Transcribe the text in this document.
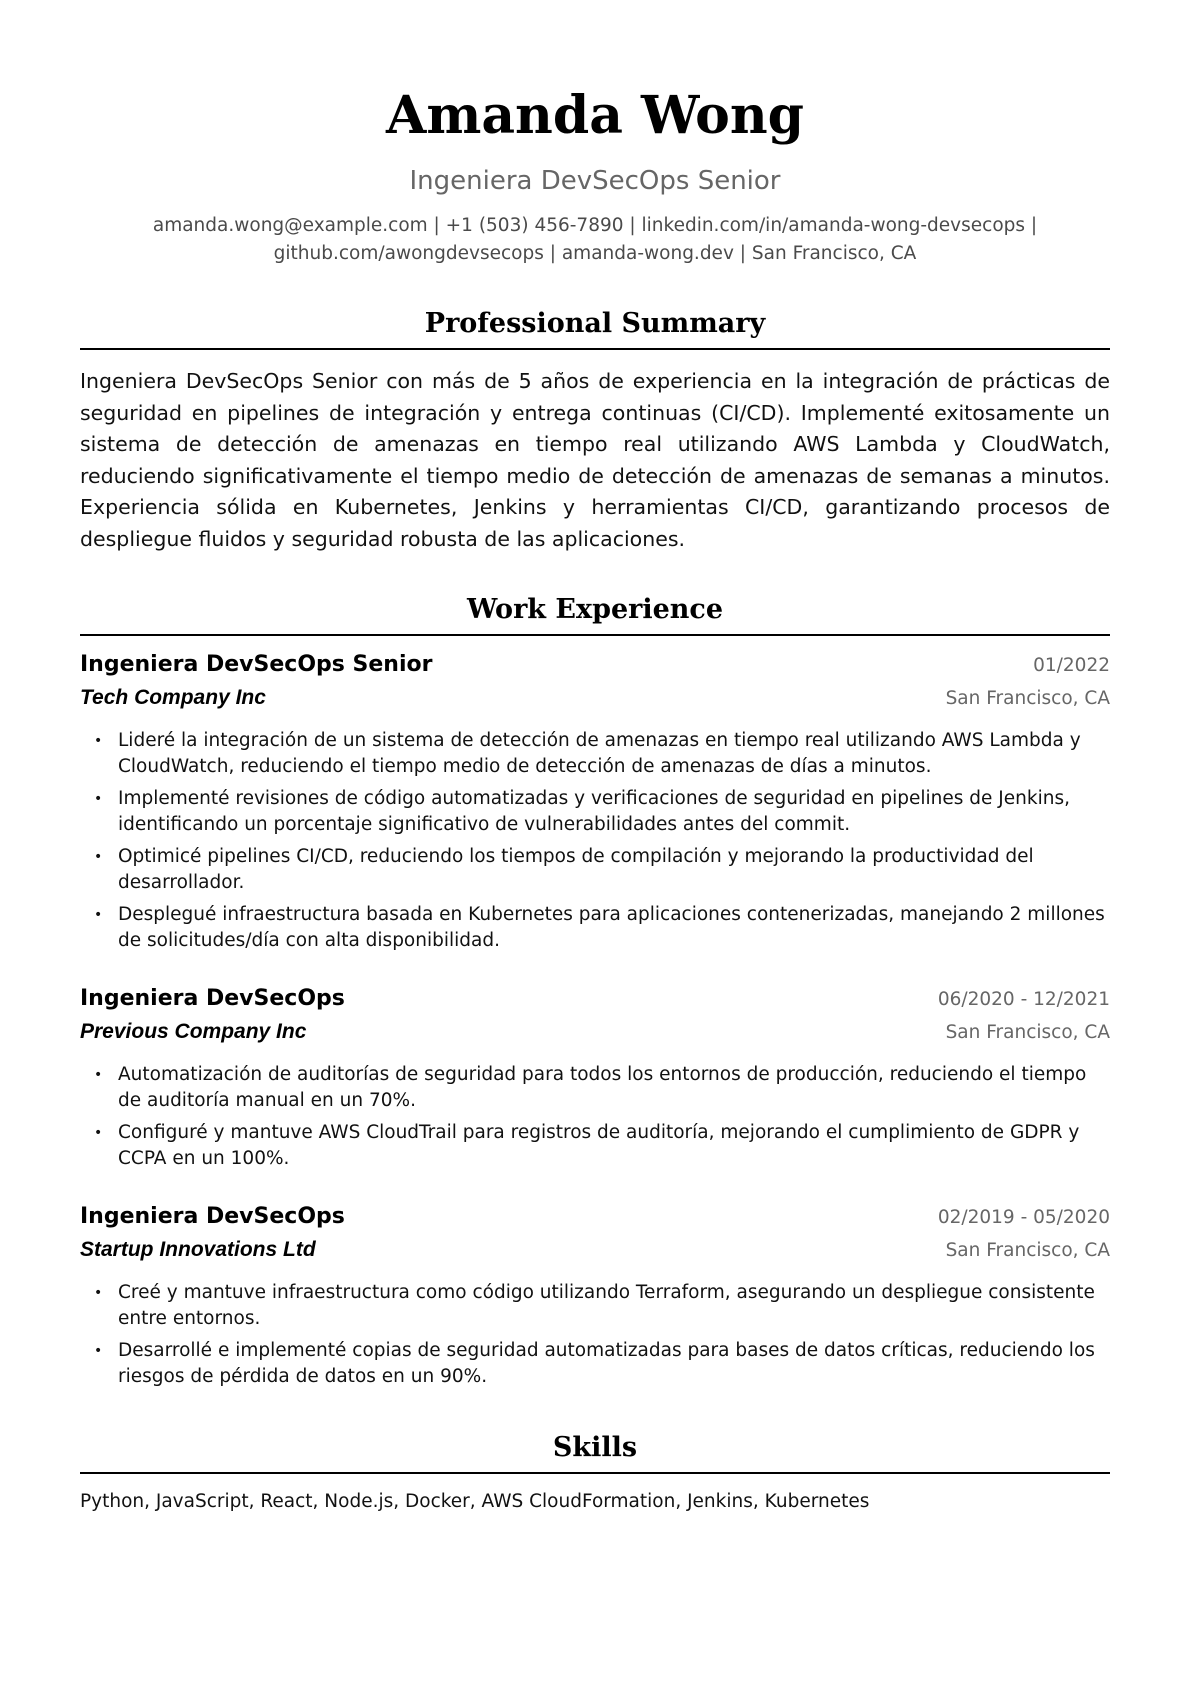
Amanda Wong
Ingeniera DevSecOps Senior
amanda.wong@example.com | +1 (503) 456-7890 | linkedin.com/in/amanda-wong-devsecops |
github.com/awongdevsecops | amanda-wong.dev | San Francisco, CA
Professional Summary
Ingeniera DevSecOps Senior con más de 5 años de experiencia en la integración de prácticas de seguridad en pipelines de integración y entrega continuas (CI/CD). Implementé exitosamente un sistema de detección de amenazas en tiempo real utilizando AWS Lambda y CloudWatch, reduciendo significativamente el tiempo medio de detección de amenazas de semanas a minutos. Experiencia sólida en Kubernetes, Jenkins y herramientas CI/CD, garantizando procesos de despliegue fluidos y seguridad robusta de las aplicaciones.
Work Experience
Ingeniera DevSecOps Senior	01/2022
Tech Company Inc	San Francisco, CA
• Lideré la integración de un sistema de detección de amenazas en tiempo real utilizando AWS Lambda y CloudWatch, reduciendo el tiempo medio de detección de amenazas de días a minutos.
• Implementé revisiones de código automatizadas y verificaciones de seguridad en pipelines de Jenkins, identificando un porcentaje significativo de vulnerabilidades antes del commit.
• Optimicé pipelines CI/CD, reduciendo los tiempos de compilación y mejorando la productividad del desarrollador.
• Desplegué infraestructura basada en Kubernetes para aplicaciones contenerizadas, manejando 2 millones de solicitudes/día con alta disponibilidad.
Ingeniera DevSecOps	06/2020 - 12/2021
Previous Company Inc	San Francisco, CA
• Automatización de auditorías de seguridad para todos los entornos de producción, reduciendo el tiempo de auditoría manual en un 70%.
• Configuré y mantuve AWS CloudTrail para registros de auditoría, mejorando el cumplimiento de GDPR y CCPA en un 100%.
Ingeniera DevSecOps	02/2019 - 05/2020
Startup Innovations Ltd	San Francisco, CA
• Creé y mantuve infraestructura como código utilizando Terraform, asegurando un despliegue consistente entre entornos.
• Desarrollé e implementé copias de seguridad automatizadas para bases de datos críticas, reduciendo los riesgos de pérdida de datos en un 90%.
Skills
Python, JavaScript, React, Node.js, Docker, AWS CloudFormation, Jenkins, Kubernetes
